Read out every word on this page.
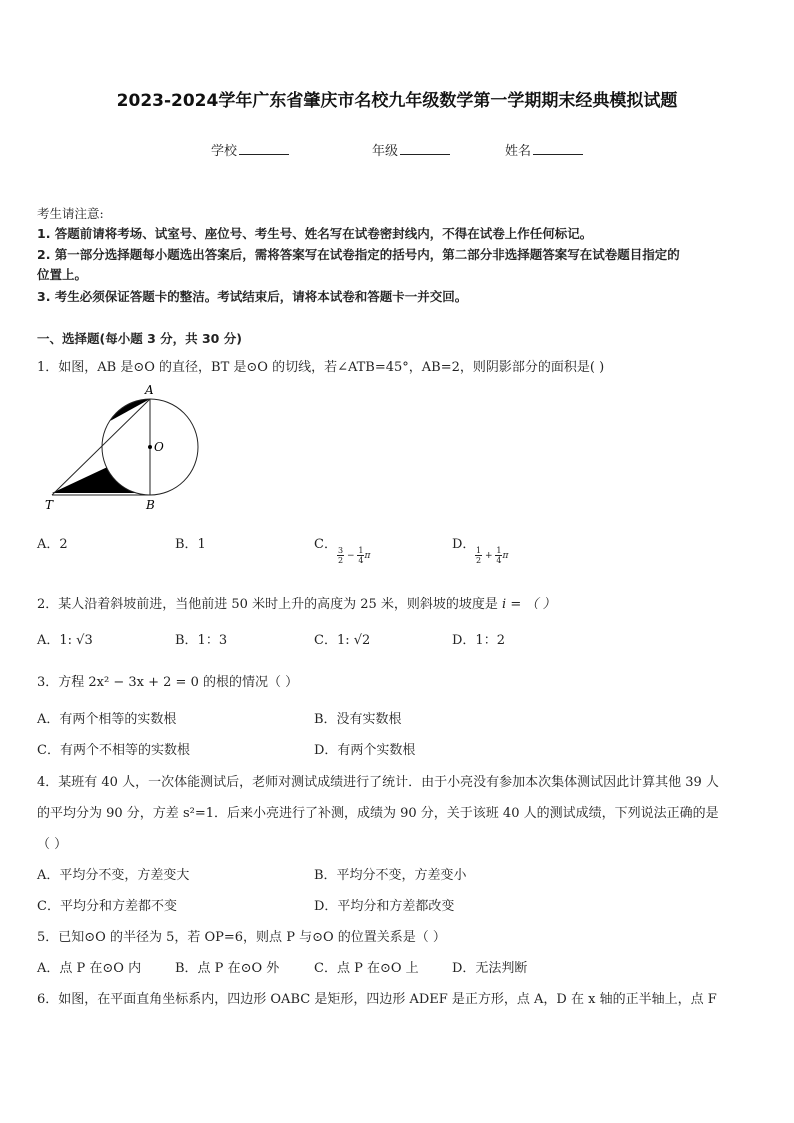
2023-2024学年广东省肇庆市名校九年级数学第一学期期末经典模拟试题
学校	年级	姓名
考生请注意:
1. 答题前请将考场、试室号、座位号、考生号、姓名写在试卷密封线内，不得在试卷上作任何标记。
2. 第一部分选择题每小题选出答案后，需将答案写在试卷指定的括号内，第二部分非选择题答案写在试卷题目指定的
位置上。
3. 考生必须保证答题卡的整洁。考试结束后，请将本试卷和答题卡一并交回。
一、选择题(每小题 3 分，共 30 分)
1．如图，AB 是⊙O 的直径，BT 是⊙O 的切线，若∠ATB=45°，AB=2，则阴影部分的面积是( )
A
O
T	B
A．2	B．1	C．
$\frac{3}{2} - \frac{1}{4}$ π
D．
$\frac{1}{2} + \frac{1}{4}$ π
2．某人沿着斜坡前进，当他前进 50 米时上升的高度为 25 米，则斜坡的坡度是 i = （ ）
A．1: √3	B．1：3	C．1: √2	D．1：2
3．方程 2x² − 3x + 2 = 0 的根的情况（ ）
A．有两个相等的实数根	B．没有实数根
C．有两个不相等的实数根	D．有两个实数根
4．某班有 40 人，一次体能测试后，老师对测试成绩进行了统计．由于小亮没有参加本次集体测试因此计算其他 39 人
的平均分为 90 分，方差 s²=1．后来小亮进行了补测，成绩为 90 分，关于该班 40 人的测试成绩，下列说法正确的是
（ ）
A．平均分不变，方差变大	B．平均分不变，方差变小
C．平均分和方差都不变	D．平均分和方差都改变
5．已知⊙O 的半径为 5，若 OP=6，则点 P 与⊙O 的位置关系是（ ）
A．点 P 在⊙O 内	B．点 P 在⊙O 外	C．点 P 在⊙O 上	D．无法判断
6．如图，在平面直角坐标系内，四边形 OABC 是矩形，四边形 ADEF 是正方形，点 A，D 在 x 轴的正半轴上，点 F
